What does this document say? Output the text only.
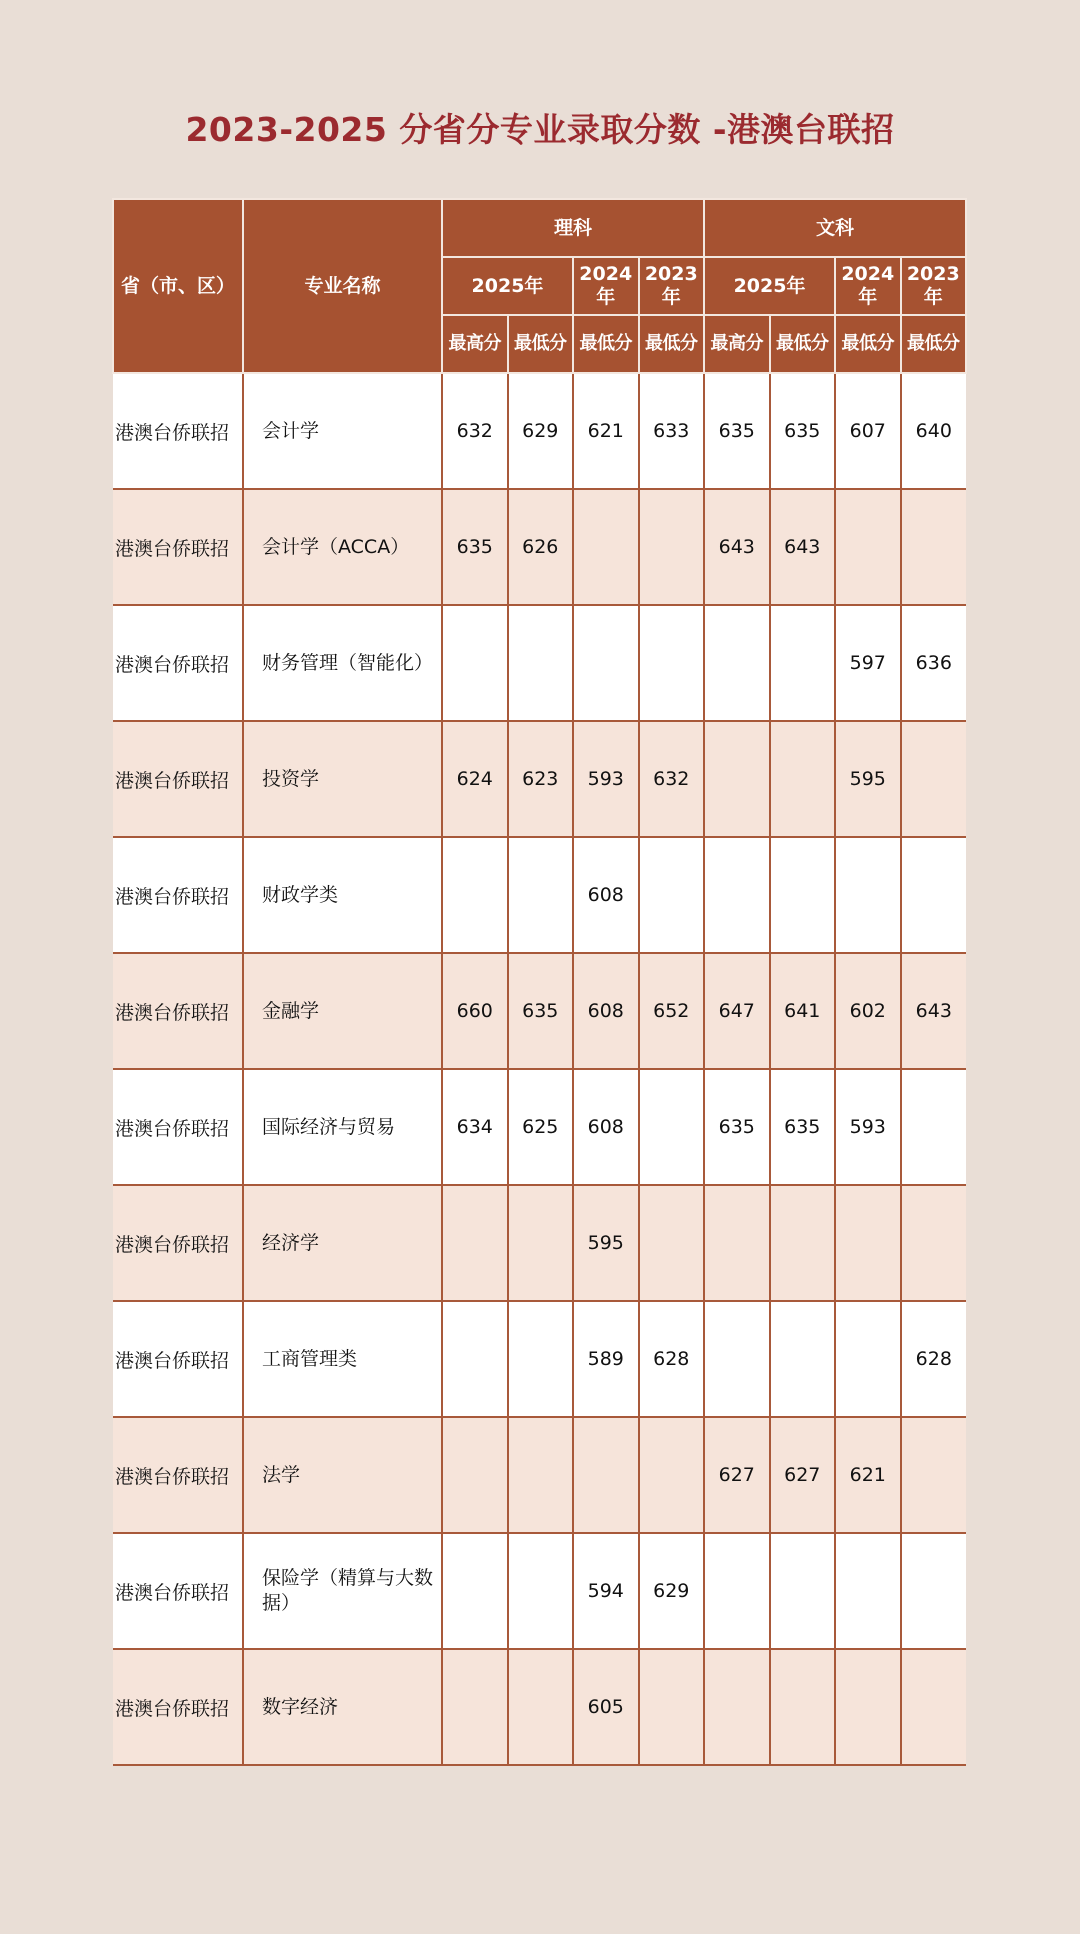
2023-2025 分省分专业录取分数 -港澳台联招
省（市、区）	专业名称	理科				文科			
		2025年		2024年	2023年	2025年		2024年	2023年
		最高分	最低分	最低分	最低分	最高分	最低分	最低分	最低分
港澳台侨联招	会计学	632	629	621	633	635	635	607	640
港澳台侨联招	会计学（ACCA）	635	626			643	643		
港澳台侨联招	财务管理（智能化）							597	636
港澳台侨联招	投资学	624	623	593	632			595	
港澳台侨联招	财政学类			608					
港澳台侨联招	金融学	660	635	608	652	647	641	602	643
港澳台侨联招	国际经济与贸易	634	625	608		635	635	593	
港澳台侨联招	经济学			595					
港澳台侨联招	工商管理类			589	628				628
港澳台侨联招	法学					627	627	621	
港澳台侨联招	保险学（精算与大数据）			594	629				
港澳台侨联招	数字经济			605					
